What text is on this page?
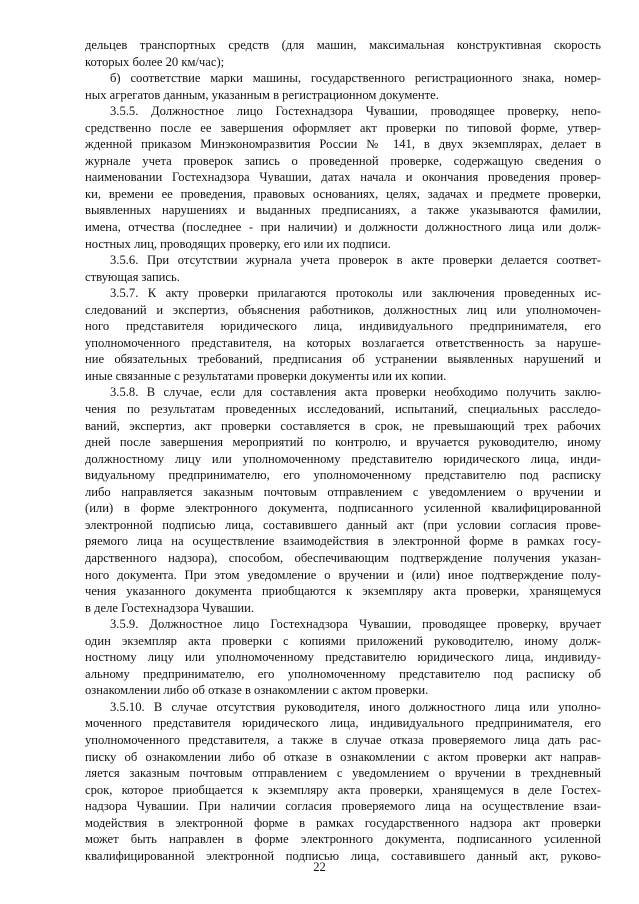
дельцев транспортных средств (для машин, максимальная конструктивная скорость
которых более 20 км/час);
б) соответствие марки машины, государственного регистрационного знака, номер-
ных агрегатов данным, указанным в регистрационном документе.
3.5.5. Должностное лицо Гостехнадзора Чувашии, проводящее проверку, непо-
средственно после ее завершения оформляет акт проверки по типовой форме, утвер-
жденной приказом Минэкономразвития России № 141, в двух экземплярах, делает в
журнале учета проверок запись о проведенной проверке, содержащую сведения о
наименовании Гостехнадзора Чувашии, датах начала и окончания проведения провер-
ки, времени ее проведения, правовых основаниях, целях, задачах и предмете проверки,
выявленных нарушениях и выданных предписаниях, а также указываются фамилии,
имена, отчества (последнее - при наличии) и должности должностного лица или долж-
ностных лиц, проводящих проверку, его или их подписи.
3.5.6. При отсутствии журнала учета проверок в акте проверки делается соответ-
ствующая запись.
3.5.7. К акту проверки прилагаются протоколы или заключения проведенных ис-
следований и экспертиз, объяснения работников, должностных лиц или уполномочен-
ного представителя юридического лица, индивидуального предпринимателя, его
уполномоченного представителя, на которых возлагается ответственность за наруше-
ние обязательных требований, предписания об устранении выявленных нарушений и
иные связанные с результатами проверки документы или их копии.
3.5.8. В случае, если для составления акта проверки необходимо получить заклю-
чения по результатам проведенных исследований, испытаний, специальных расследо-
ваний, экспертиз, акт проверки составляется в срок, не превышающий трех рабочих
дней после завершения мероприятий по контролю, и вручается руководителю, иному
должностному лицу или уполномоченному представителю юридического лица, инди-
видуальному предпринимателю, его уполномоченному представителю под расписку
либо направляется заказным почтовым отправлением с уведомлением о вручении и
(или) в форме электронного документа, подписанного усиленной квалифицированной
электронной подписью лица, составившего данный акт (при условии согласия прове-
ряемого лица на осуществление взаимодействия в электронной форме в рамках госу-
дарственного надзора), способом, обеспечивающим подтверждение получения указан-
ного документа. При этом уведомление о вручении и (или) иное подтверждение полу-
чения указанного документа приобщаются к экземпляру акта проверки, хранящемуся
в деле Гостехнадзора Чувашии.
3.5.9. Должностное лицо Гостехнадзора Чувашии, проводящее проверку, вручает
один экземпляр акта проверки с копиями приложений руководителю, иному долж-
ностному лицу или уполномоченному представителю юридического лица, индивиду-
альному предпринимателю, его уполномоченному представителю под расписку об
ознакомлении либо об отказе в ознакомлении с актом проверки.
3.5.10. В случае отсутствия руководителя, иного должностного лица или уполно-
моченного представителя юридического лица, индивидуального предпринимателя, его
уполномоченного представителя, а также в случае отказа проверяемого лица дать рас-
писку об ознакомлении либо об отказе в ознакомлении с актом проверки акт направ-
ляется заказным почтовым отправлением с уведомлением о вручении в трехдневный
срок, которое приобщается к экземпляру акта проверки, хранящемуся в деле Гостех-
надзора Чувашии. При наличии согласия проверяемого лица на осуществление взаи-
модействия в электронной форме в рамках государственного надзора акт проверки
может быть направлен в форме электронного документа, подписанного усиленной
квалифицированной электронной подписью лица, составившего данный акт, руково-
22
